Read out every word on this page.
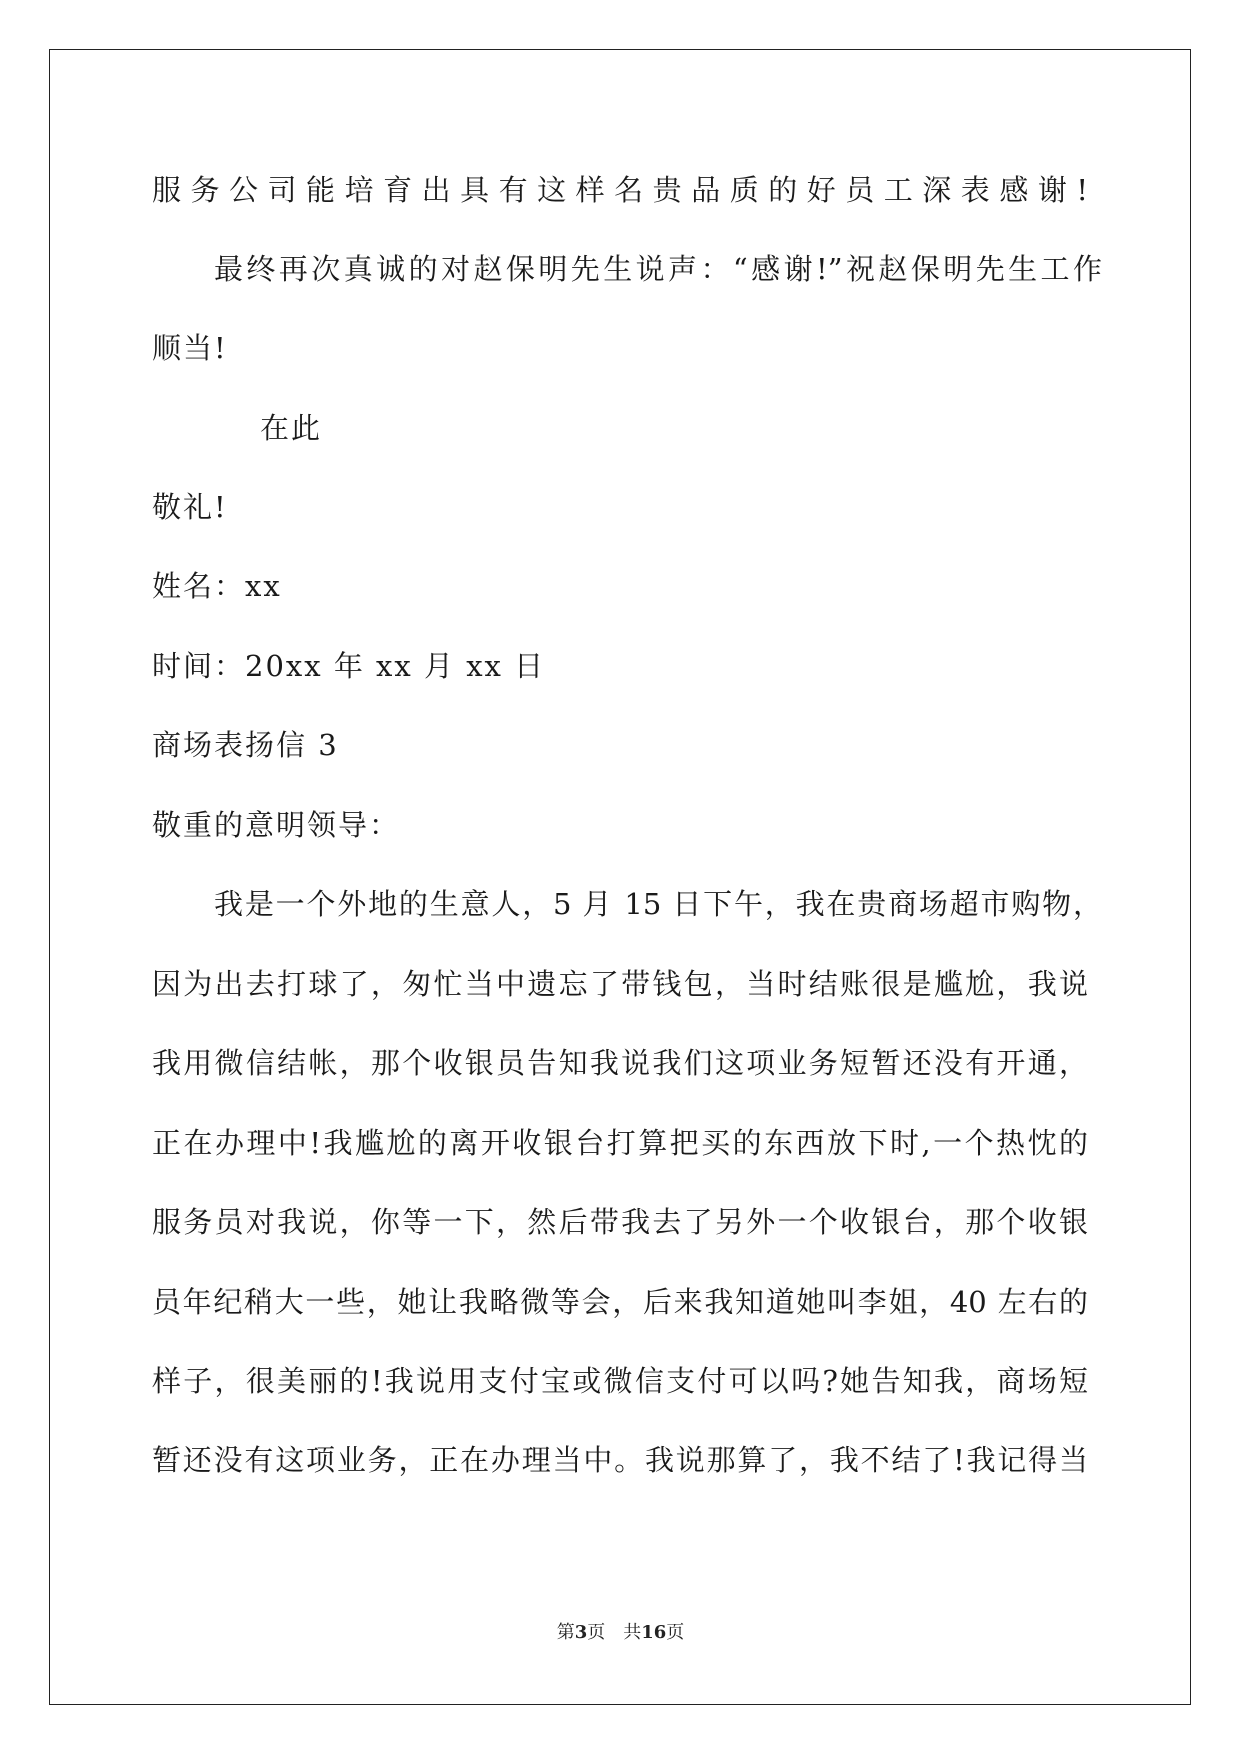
服务公司能培育出具有这样名贵品质的好员工深表感谢!
最终再次真诚的对赵保明先生说声：“感谢!”祝赵保明先生工作
顺当!
在此
敬礼!
姓名：xx
时间：20xx 年 xx 月 xx 日
商场表扬信 3
敬重的意明领导：
我是一个外地的生意人，5 月 15 日下午，我在贵商场超市购物，
因为出去打球了，匆忙当中遗忘了带钱包，当时结账很是尴尬，我说
我用微信结帐，那个收银员告知我说我们这项业务短暂还没有开通，
正在办理中!我尴尬的离开收银台打算把买的东西放下时,一个热忱的
服务员对我说，你等一下，然后带我去了另外一个收银台，那个收银
员年纪稍大一些，她让我略微等会，后来我知道她叫李姐，40 左右的
样子，很美丽的!我说用支付宝或微信支付可以吗?她告知我，商场短
暂还没有这项业务，正在办理当中。我说那算了，我不结了!我记得当
第3页　共16页
